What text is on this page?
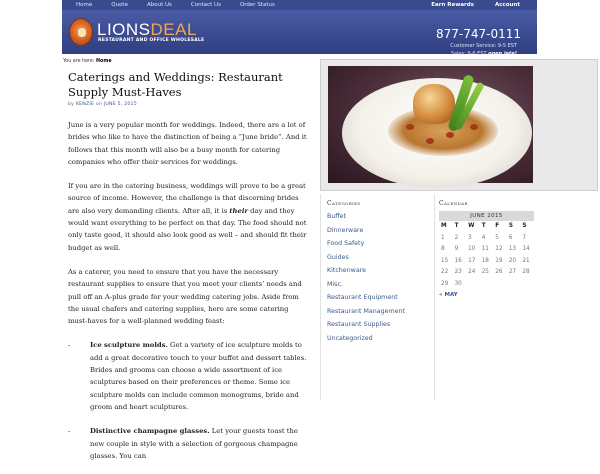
Home	Quote	About Us	Contact Us	Order Status	Earn Rewards	Account
LIONSDEAL
RESTAURANT AND OFFICE WHOLESALE	877-747-0111
Customer Service: 9-5 EST
Sales: 9-6 EST open late!
You are here: Home
Caterings and Weddings: Restaurant Supply Must-Haves
by KENZIE on JUNE 5, 2015

June is a very popular month for weddings. Indeed, there are a lot of brides who like to have the distinction of being a “June bride”. And it follows that this month will also be a busy month for catering companies who offer their services for weddings.

If you are in the catering business, weddings will prove to be a great source of income. However, the challenge is that discerning brides are also very demanding clients. After all, it is their day and they would want everything to be perfect on that day. The food should not only taste good, it should also look good as well – and should fit their budget as well.

As a caterer, you need to ensure that you have the necessary restaurant supplies to ensure that you meet your clients’ needs and pull off an A-plus grade for your wedding catering jobs. Aside from the usual chafers and catering supplies, here are some catering must-haves for a well-planned wedding feast:

-	Ice sculpture molds. Get a variety of ice sculpture molds to add a great decorative touch to your buffet and dessert tables. Brides and grooms can choose a wide assortment of ice sculptures based on their preferences or theme. Some ice sculpture molds can include common monograms, bride and groom and heart sculptures.

-	Distinctive champagne glasses. Let your guests toast the new couple in style with a selection of gorgeous champagne glasses. You can

Categories
Buffet
Dinnerware
Food Safety
Guides
Kitchenware
Misc.
Restaurant Equipment
Restaurant Management
Restaurant Supplies
Uncategorized
Calendar
JUNE 2015
M	T	W	T	F	S	S
1	2	3	4	5	6	7
8	9	10	11	12	13	14
15	16	17	18	19	20	21
22	23	24	25	26	27	28
29	30
« MAY
